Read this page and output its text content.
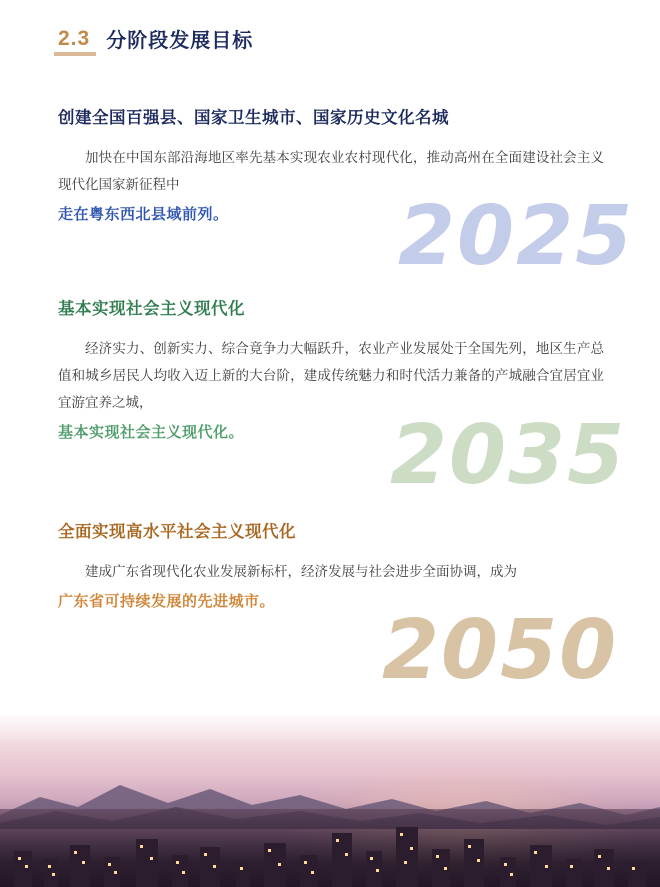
2.3 分阶段发展目标
2025
创建全国百强县、国家卫生城市、国家历史文化名城
加快在中国东部沿海地区率先基本实现农业农村现代化，推动高州在全面建设社会主义现代化国家新征程中
走在粤东西北县域前列。
2035
基本实现社会主义现代化
经济实力、创新实力、综合竟争力大幅跃升，农业产业发展处于全国先列，地区生产总值和城乡居民人均收入迈上新的大台阶，建成传统魅力和时代活力兼备的产城融合宜居宜业宜游宜养之城，
基本实现社会主义现代化。
2050
全面实现高水平社会主义现代化
建成广东省现代化农业发展新标杆，经济发展与社会进步全面协调，成为
广东省可持续发展的先进城市。
